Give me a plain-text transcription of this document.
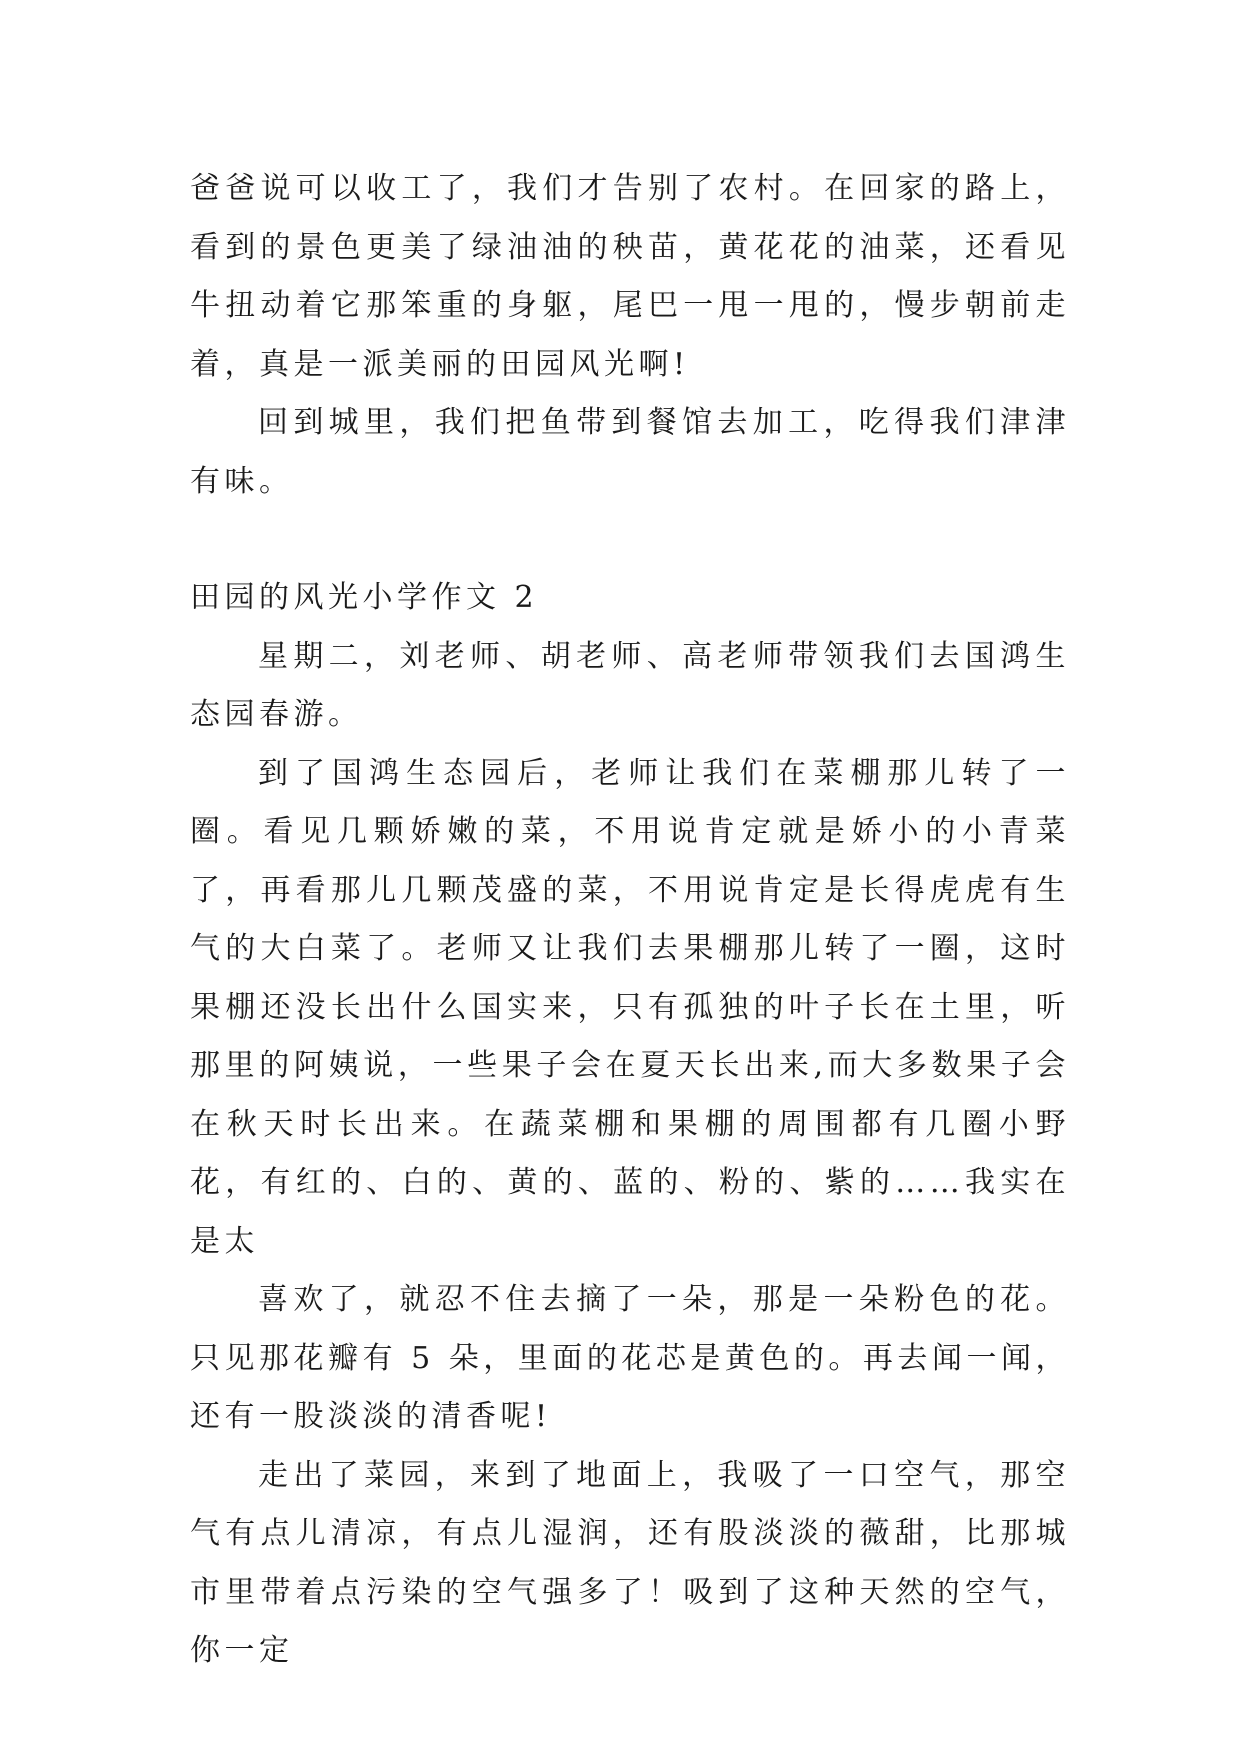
爸爸说可以收工了，我们才告别了农村。在回家的路上，看到的景色更美了绿油油的秧苗，黄花花的油菜，还看见牛扭动着它那笨重的身躯，尾巴一甩一甩的，慢步朝前走着，真是一派美丽的田园风光啊!

回到城里，我们把鱼带到餐馆去加工，吃得我们津津有味。

田园的风光小学作文 2

星期二，刘老师、胡老师、高老师带领我们去国鸿生态园春游。

到了国鸿生态园后，老师让我们在菜棚那儿转了一圈。看见几颗娇嫩的菜，不用说肯定就是娇小的小青菜了，再看那儿几颗茂盛的菜，不用说肯定是长得虎虎有生气的大白菜了。老师又让我们去果棚那儿转了一圈，这时果棚还没长出什么国实来，只有孤独的叶子长在土里，听那里的阿姨说，一些果子会在夏天长出来,而大多数果子会在秋天时长出来。在蔬菜棚和果棚的周围都有几圈小野花，有红的、白的、黄的、蓝的、粉的、紫的……我实在是太

喜欢了，就忍不住去摘了一朵，那是一朵粉色的花。只见那花瓣有 5 朵，里面的花芯是黄色的。再去闻一闻，还有一股淡淡的清香呢!

走出了菜园，来到了地面上，我吸了一口空气，那空气有点儿清凉，有点儿湿润，还有股淡淡的薇甜，比那城市里带着点污染的空气强多了！吸到了这种天然的空气，你一定
